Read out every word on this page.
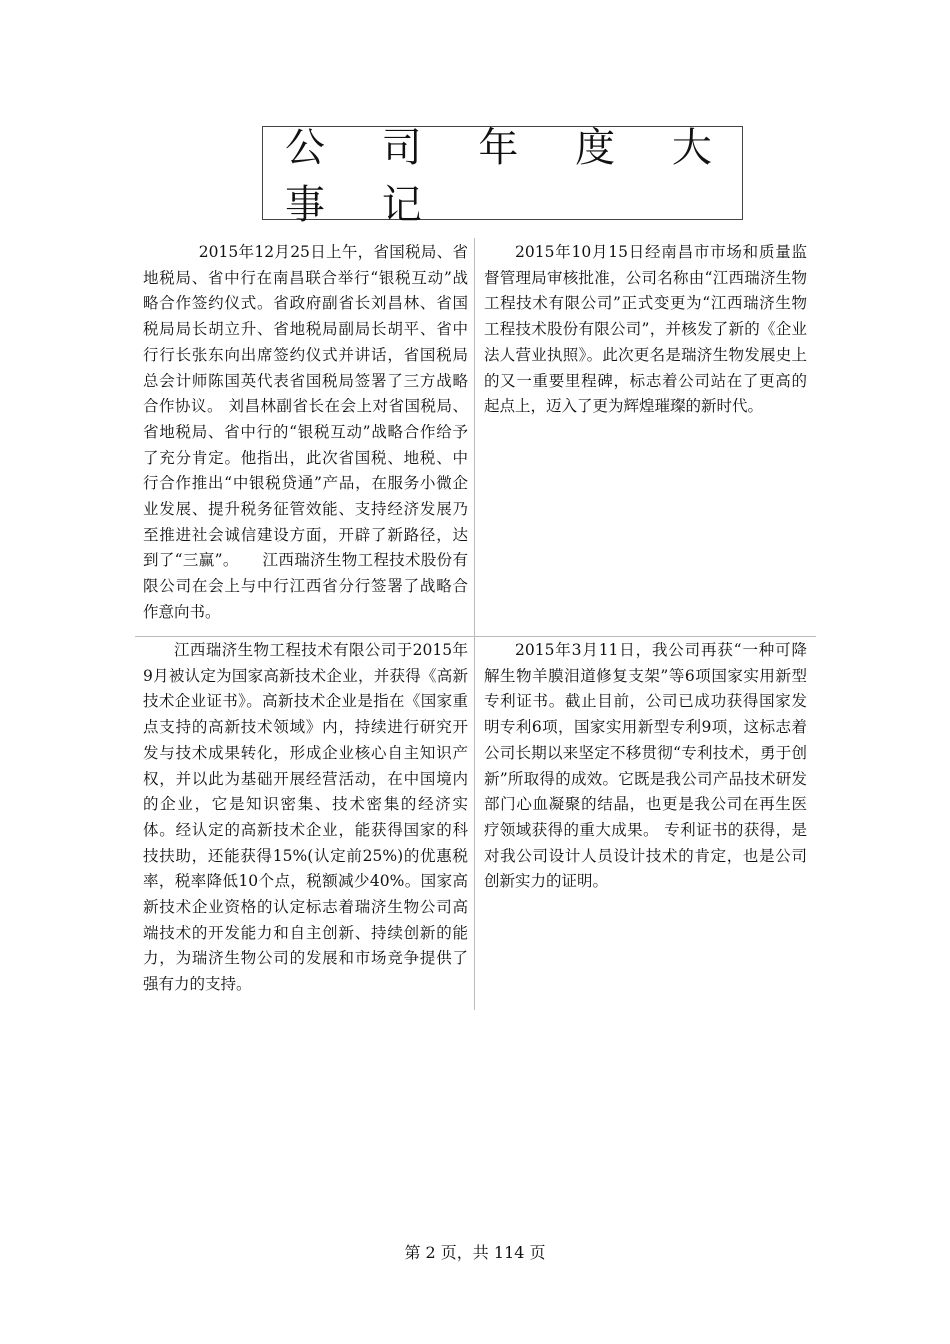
公 司 年 度 大 事 记

2015年12月25日上午，省国税局、省地税局、省中行在南昌联合举行“银税互动”战略合作签约仪式。省政府副省长刘昌林、省国税局局长胡立升、省地税局副局长胡平、省中行行长张东向出席签约仪式并讲话，省国税局总会计师陈国英代表省国税局签署了三方战略合作协议。 刘昌林副省长在会上对省国税局、省地税局、省中行的“银税互动”战略合作给予了充分肯定。他指出，此次省国税、地税、中行合作推出“中银税贷通”产品，在服务小微企业发展、提升税务征管效能、支持经济发展乃至推进社会诚信建设方面，开辟了新路径，达到了“三赢”。　　江西瑞济生物工程技术股份有限公司在会上与中行江西省分行签署了战略合作意向书。

2015年10月15日经南昌市市场和质量监督管理局审核批准，公司名称由“江西瑞济生物工程技术有限公司”正式变更为“江西瑞济生物工程技术股份有限公司”，并核发了新的《企业法人营业执照》。此次更名是瑞济生物发展史上的又一重要里程碑，标志着公司站在了更高的起点上，迈入了更为辉煌璀璨的新时代。

江西瑞济生物工程技术有限公司于2015年9月被认定为国家高新技术企业，并获得《高新技术企业证书》。高新技术企业是指在《国家重点支持的高新技术领域》内，持续进行研究开发与技术成果转化，形成企业核心自主知识产权，并以此为基础开展经营活动，在中国境内的企业，它是知识密集、技术密集的经济实体。经认定的高新技术企业，能获得国家的科技扶助，还能获得15%(认定前25%)的优惠税率，税率降低10个点，税额减少40%。国家高新技术企业资格的认定标志着瑞济生物公司高端技术的开发能力和自主创新、持续创新的能力，为瑞济生物公司的发展和市场竞争提供了强有力的支持。

2015年3月11日，我公司再获“一种可降解生物羊膜泪道修复支架”等6项国家实用新型专利证书。截止目前，公司已成功获得国家发明专利6项，国家实用新型专利9项，这标志着公司长期以来坚定不移贯彻“专利技术，勇于创新”所取得的成效。它既是我公司产品技术研发部门心血凝聚的结晶，也更是我公司在再生医疗领域获得的重大成果。 专利证书的获得，是对我公司设计人员设计技术的肯定，也是公司创新实力的证明。

第 2 页，共 114 页
